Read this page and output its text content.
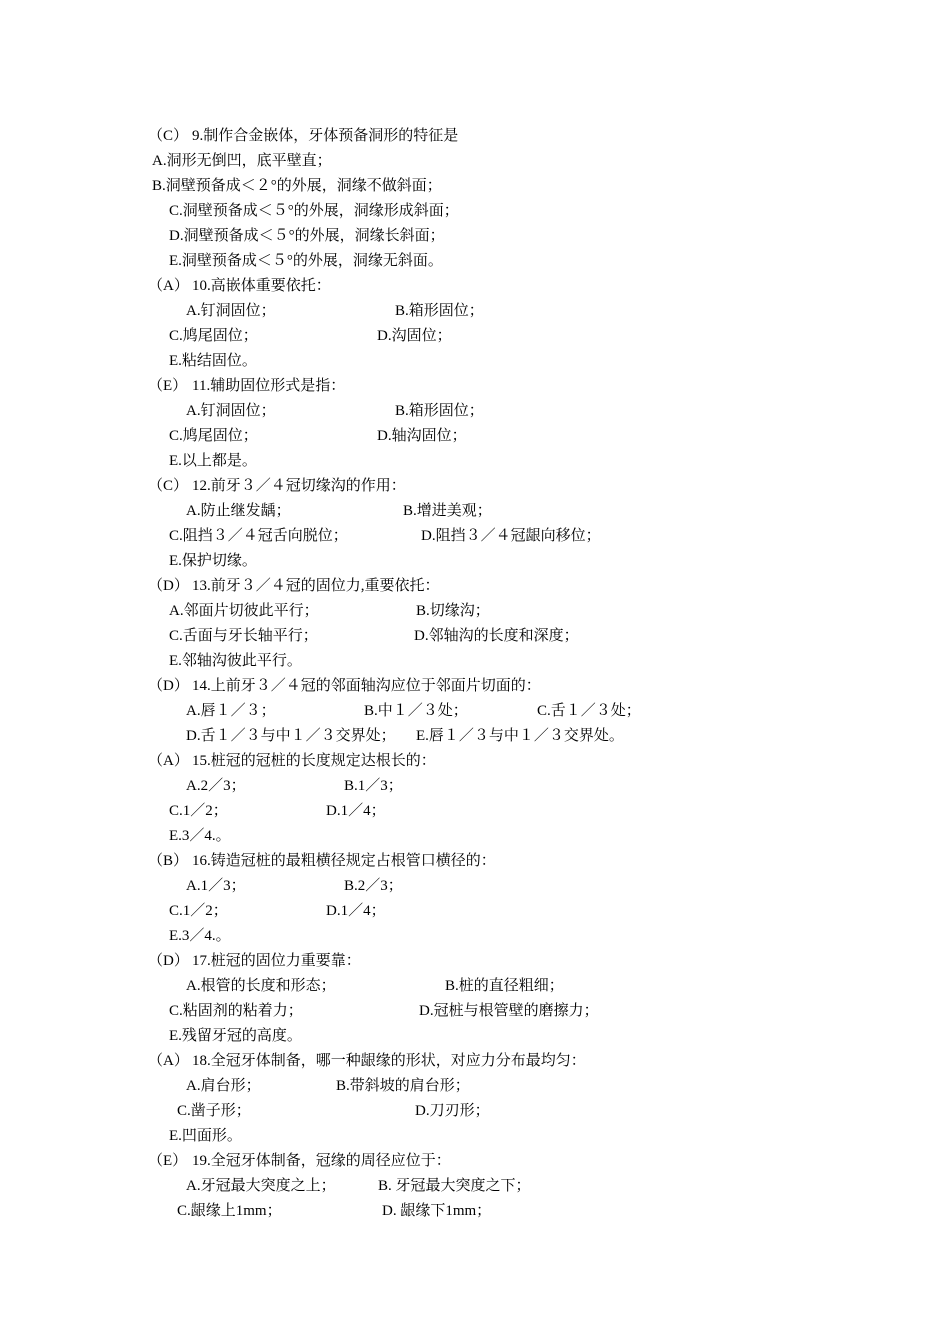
（C） 9.制作合金嵌体，牙体预备洞形的特征是
A.洞形无倒凹，底平壁直；
B.洞壁预备成＜２°的外展，洞缘不做斜面；
C.洞壁预备成＜５°的外展，洞缘形成斜面；
D.洞壁预备成＜５°的外展，洞缘长斜面；
E.洞壁预备成＜５°的外展，洞缘无斜面。
（A） 10.高嵌体重要依托：
A.钉洞固位；	B.箱形固位；
C.鸠尾固位；	D.沟固位；
E.粘结固位。
（E） 11.辅助固位形式是指：
A.钉洞固位；	B.箱形固位；
C.鸠尾固位；	D.轴沟固位；
E.以上都是。
（C） 12.前牙３／４冠切缘沟的作用：
A.防止继发龋；	B.增进美观；
C.阻挡３／４冠舌向脱位；	D.阻挡３／４冠龈向移位；
E.保护切缘。
（D） 13.前牙３／４冠的固位力,重要依托：
A.邻面片切彼此平行；	B.切缘沟；
C.舌面与牙长轴平行；	D.邻轴沟的长度和深度；
E.邻轴沟彼此平行。
（D） 14.上前牙３／４冠的邻面轴沟应位于邻面片切面的：
A.唇１／３；	B.中１／３处；	C.舌１／３处；
D.舌１／３与中１／３交界处； E.唇１／３与中１／３交界处。
（A） 15.桩冠的冠桩的长度规定达根长的：
A.2／3；	B.1／3；
C.1／2；	D.1／4；
E.3／4.。
（B） 16.铸造冠桩的最粗横径规定占根管口横径的：
A.1／3；	B.2／3；
C.1／2；	D.1／4；
E.3／4.。
（D） 17.桩冠的固位力重要靠：
A.根管的长度和形态；	B.桩的直径粗细；
C.粘固剂的粘着力；	D.冠桩与根管壁的磨擦力；
E.残留牙冠的高度。
（A） 18.全冠牙体制备，哪一种龈缘的形状，对应力分布最均匀：
A.肩台形；	B.带斜坡的肩台形；
C.凿子形；	D.刀刃形；
E.凹面形。
（E） 19.全冠牙体制备，冠缘的周径应位于：
A.牙冠最大突度之上；	B. 牙冠最大突度之下；
C.龈缘上1mm；	D. 龈缘下1mm；
